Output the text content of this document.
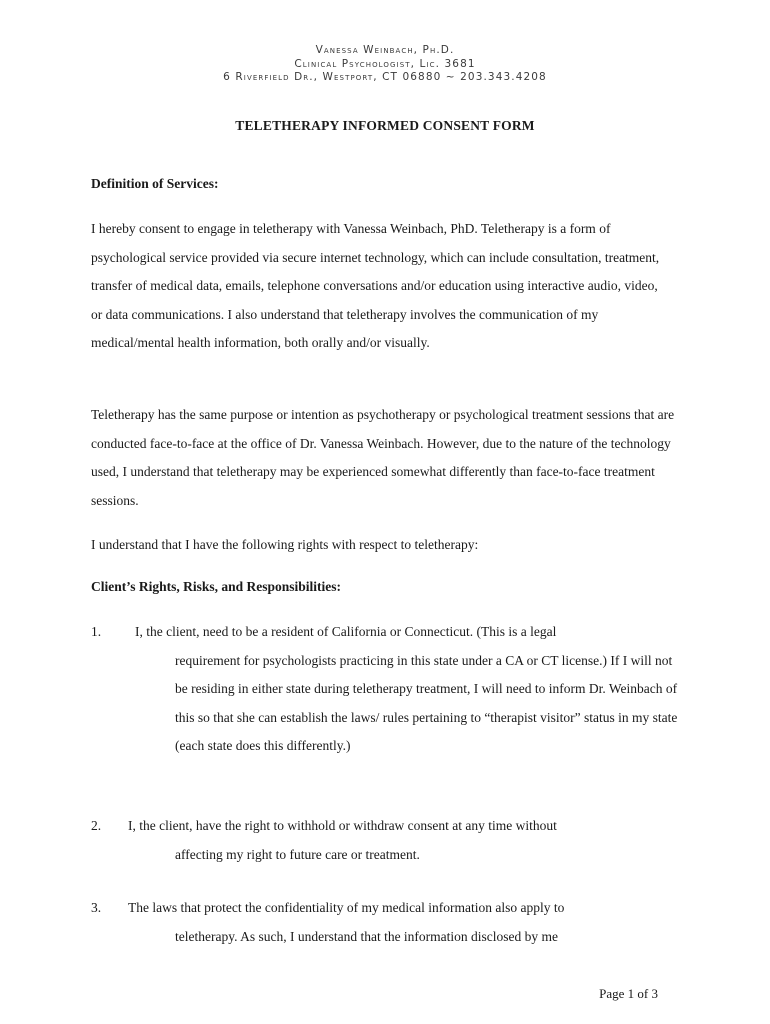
Vanessa Weinbach, Ph.D.
Clinical Psychologist, Lic. 3681
6 Riverfield Dr., Westport, CT 06880 ~ 203.343.4208
TELETHERAPY INFORMED CONSENT FORM
Definition of Services:
I hereby consent to engage in teletherapy with Vanessa Weinbach, PhD. Teletherapy is a form of psychological service provided via secure internet technology, which can include consultation, treatment, transfer of medical data, emails, telephone conversations and/or education using interactive audio, video, or data communications. I also understand that teletherapy involves the communication of my medical/mental health information, both orally and/or visually.
Teletherapy has the same purpose or intention as psychotherapy or psychological treatment sessions that are conducted face-to-face at the office of Dr. Vanessa Weinbach. However, due to the nature of the technology used, I understand that teletherapy may be experienced somewhat differently than face-to-face treatment sessions.
I understand that I have the following rights with respect to teletherapy:
Client’s Rights, Risks, and Responsibilities:
1.	I, the client, need to be a resident of California or Connecticut. (This is a legal
requirement for psychologists practicing in this state under a CA or CT license.) If I will not be residing in either state during teletherapy treatment, I will need to inform Dr. Weinbach of this so that she can establish the laws/ rules pertaining to “therapist visitor” status in my state (each state does this differently.)
2. I, the client, have the right to withhold or withdraw consent at any time without
affecting my right to future care or treatment.
3. The laws that protect the confidentiality of my medical information also apply to
teletherapy. As such, I understand that the information disclosed by me
Page 1 of 3
